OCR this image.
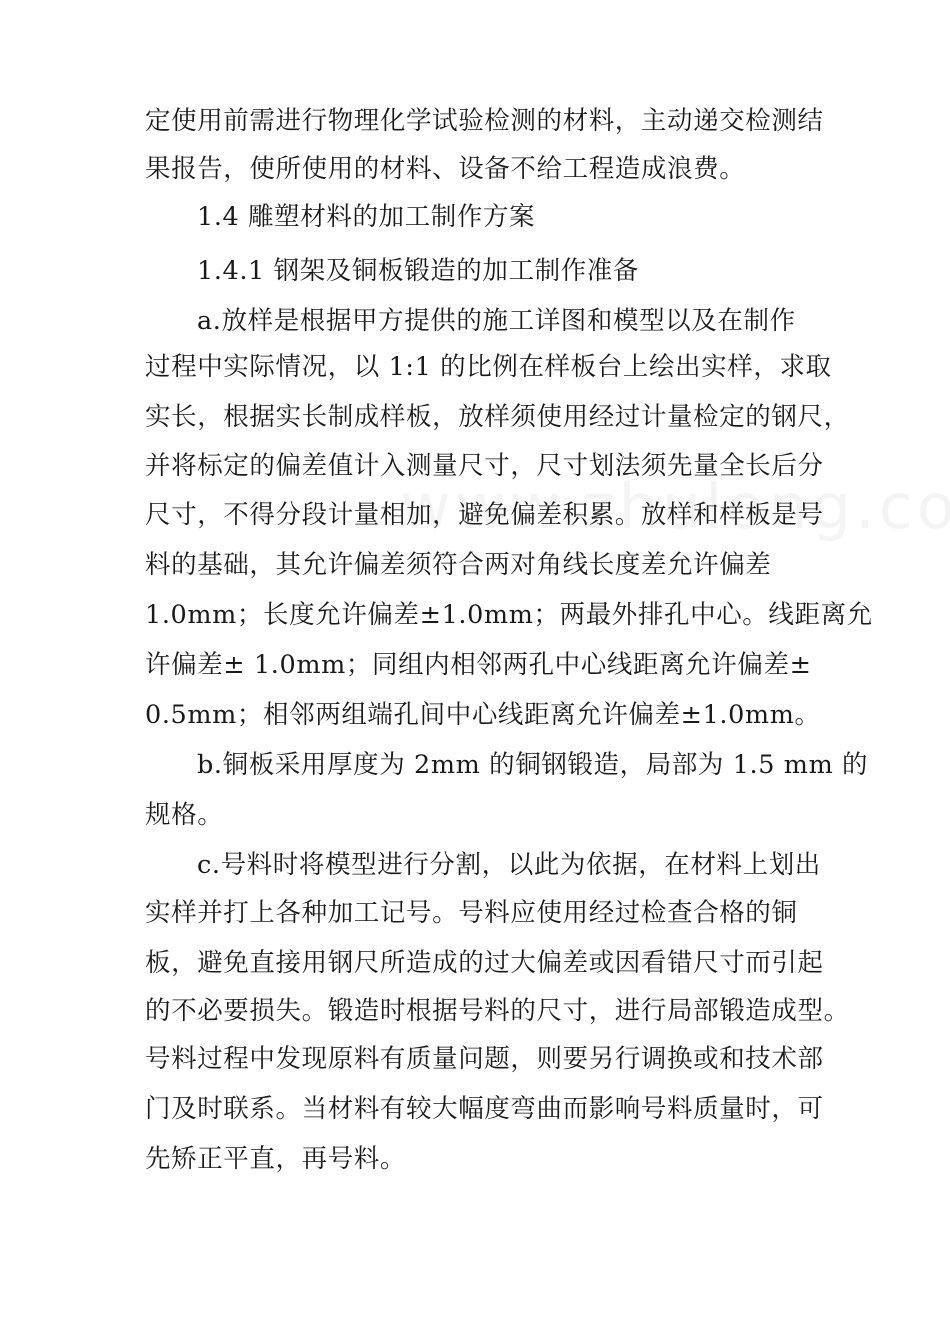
定使用前需进行物理化学试验检测的材料，主动递交检测结
果报告，使所使用的材料、设备不给工程造成浪费。
1.4 雕塑材料的加工制作方案
1.4.1 钢架及铜板锻造的加工制作准备
a.放样是根据甲方提供的施工详图和模型以及在制作
过程中实际情况，以 1:1 的比例在样板台上绘出实样，求取
实长，根据实长制成样板，放样须使用经过计量检定的钢尺，
并将标定的偏差值计入测量尺寸，尺寸划法须先量全长后分
尺寸，不得分段计量相加，避免偏差积累。放样和样板是号
料的基础，其允许偏差须符合两对角线长度差允许偏差
1.0mm；长度允许偏差±1.0mm；两最外排孔中心。线距离允
许偏差± 1.0mm；同组内相邻两孔中心线距离允许偏差±
0.5mm；相邻两组端孔间中心线距离允许偏差±1.0mm。
b.铜板采用厚度为 2mm 的铜钢锻造，局部为 1.5 mm 的
规格。
c.号料时将模型进行分割，以此为依据，在材料上划出
实样并打上各种加工记号。号料应使用经过检查合格的铜
板，避免直接用钢尺所造成的过大偏差或因看错尺寸而引起
的不必要损失。锻造时根据号料的尺寸，进行局部锻造成型。
号料过程中发现原料有质量问题，则要另行调换或和技术部
门及时联系。当材料有较大幅度弯曲而影响号料质量时，可
先矫正平直，再号料。
